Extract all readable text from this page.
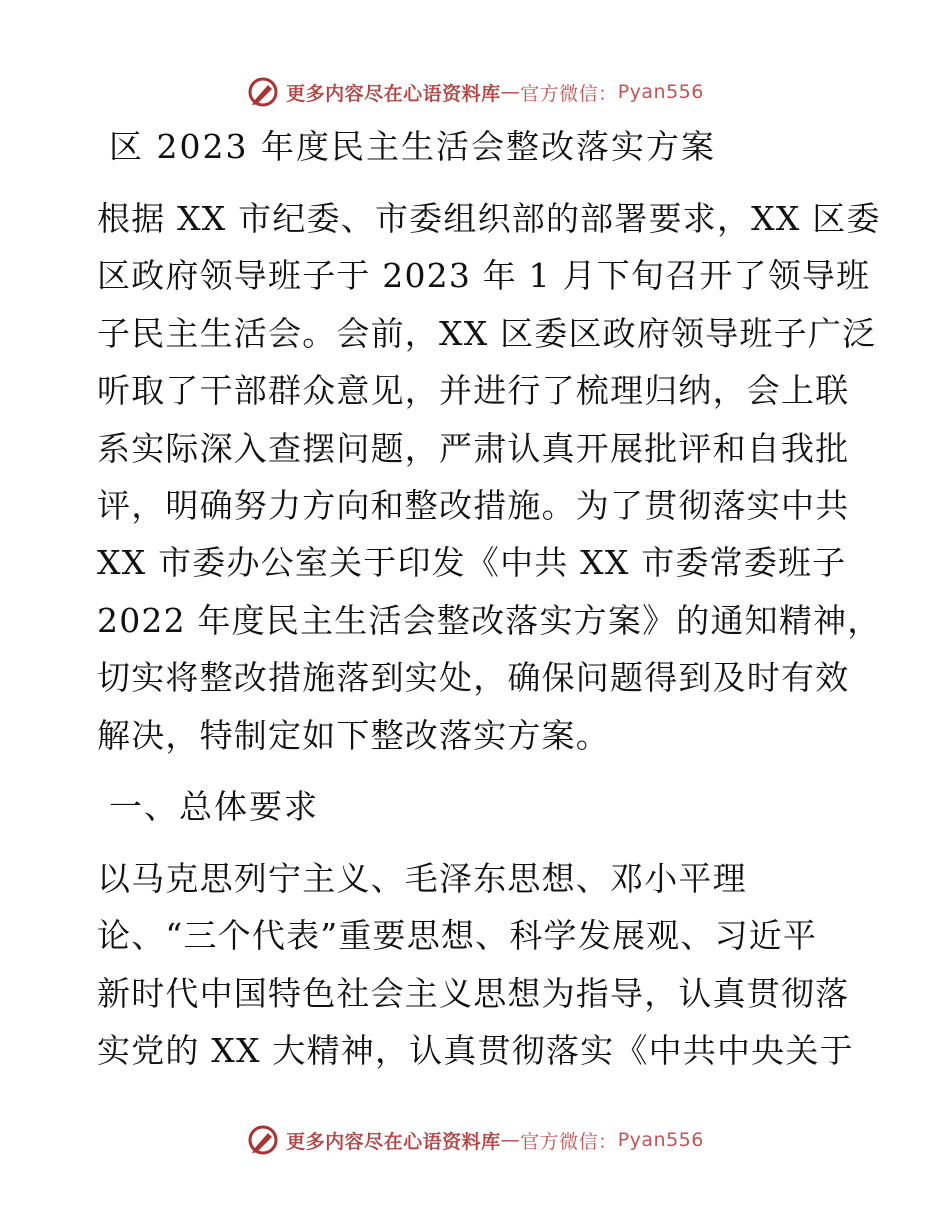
更多内容尽在心语资料库 — 官方微信： Pyan556
区 2023 年度民主生活会整改落实方案
根据 XX 市纪委、市委组织部的部署要求，XX 区委
区政府领导班子于 2023 年 1 月下旬召开了领导班
子民主生活会。会前，XX 区委区政府领导班子广泛
听取了干部群众意见，并进行了梳理归纳，会上联
系实际深入查摆问题，严肃认真开展批评和自我批
评，明确努力方向和整改措施。为了贯彻落实中共
XX 市委办公室关于印发《中共 XX 市委常委班子
2022 年度民主生活会整改落实方案》的通知精神，
切实将整改措施落到实处，确保问题得到及时有效
解决，特制定如下整改落实方案。
一、总体要求
以马克思列宁主义、毛泽东思想、邓小平理
论、“三个代表”重要思想、科学发展观、习近平
新时代中国特色社会主义思想为指导，认真贯彻落
实党的 XX 大精神，认真贯彻落实《中共中央关于
更多内容尽在心语资料库 — 官方微信： Pyan556
